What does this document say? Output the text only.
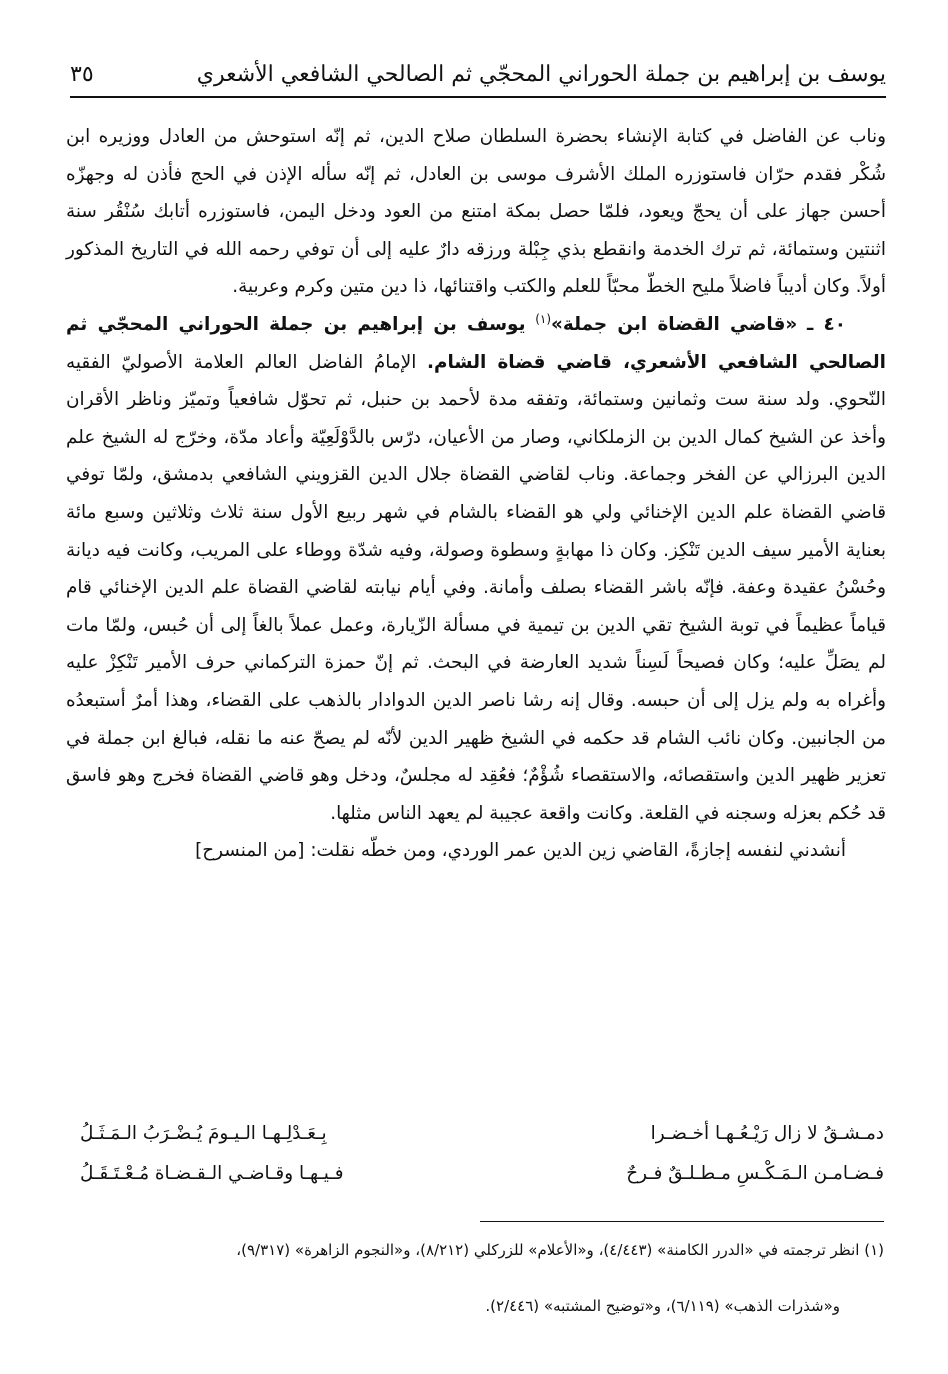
يوسف بن إبراهيم بن جملة الحوراني المحجّي ثم الصالحي الشافعي الأشعري
٣٥

وناب عن الفاضل في كتابة الإنشاء بحضرة السلطان صلاح الدين، ثم إنّه استوحش من العادل ووزيره ابن شُكْر فقدم حرّان فاستوزره الملك الأشرف موسى بن العادل، ثم إنّه سأله الإذن في الحج فأذن له وجهزّه أحسن جهاز على أن يحجّ ويعود، فلمّا حصل بمكة امتنع من العود ودخل اليمن، فاستوزره أتابك سُنْقُر سنة اثنتين وستمائة، ثم ترك الخدمة وانقطع بذي جِبْلة ورزقه دارٌ عليه إلى أن توفي رحمه الله في التاريخ المذكور أولاً. وكان أديباً فاضلاً مليح الخطّ محبّاً للعلم والكتب واقتنائها، ذا دين متين وكرم وعربية.

٤٠ ـ «قاضي القضاة ابن جملة»$^{(١)}$ يوسف بن إبراهيم بن جملة الحوراني المحجّي ثم الصالحي الشافعي الأشعري، قاضي قضاة الشام. الإمامُ الفاضل العالم العلامة الأصوليّ الفقيه النّحوي. ولد سنة ست وثمانين وستمائة، وتفقه مدة لأحمد بن حنبل، ثم تحوّل شافعياً وتميّز وناظر الأقران وأخذ عن الشيخ كمال الدين بن الزملكاني، وصار من الأعيان، درّس بالدَّوْلَعِيّة وأعاد مدّة، وخرّج له الشيخ علم الدين البرزالي عن الفخر وجماعة. وناب لقاضي القضاة جلال الدين القزويني الشافعي بدمشق، ولمّا توفي قاضي القضاة علم الدين الإخنائي ولي هو القضاء بالشام في شهر ربيع الأول سنة ثلاث وثلاثين وسبع مائة بعناية الأمير سيف الدين تَنْكِز. وكان ذا مهابةٍ وسطوة وصولة، وفيه شدّة ووطاء على المريب، وكانت فيه ديانة وحُسْنُ عقيدة وعفة. فإنّه باشر القضاء بصلف وأمانة. وفي أيام نيابته لقاضي القضاة علم الدين الإخنائي قام قياماً عظيماً في توبة الشيخ تقي الدين بن تيمية في مسألة الزّيارة، وعمل عملاً بالغاً إلى أن حُبس، ولمّا مات لم يصَلِّ عليه؛ وكان فصيحاً لَسِناً شديد العارضة في البحث. ثم إنّ حمزة التركماني حرف الأمير تَنْكِزْ عليه وأغراه به ولم يزل إلى أن حبسه. وقال إنه رشا ناصر الدين الدوادار بالذهب على القضاء، وهذا أمرٌ أستبعدُه من الجانبين. وكان نائب الشام قد حكمه في الشيخ ظهير الدين لأنّه لم يصحّ عنه ما نقله، فبالغ ابن جملة في تعزير ظهير الدين واستقصائه، والاستقصاء شُؤْمٌ؛ فعُقِد له مجلسٌ، ودخل وهو قاضي القضاة فخرج وهو فاسق قد حُكم بعزله وسجنه في القلعة. وكانت واقعة عجيبة لم يعهد الناس مثلها.

أنشدني لنفسه إجازةً، القاضي زين الدين عمر الوردي، ومن خطّه نقلت: [من المنسرح]

دمـشـقُ لا زال رَيْـعُـهـا أخـضـرا
بِـعَـدْلِـهـا الـيـومَ يُـضْـرَبُ الـمَـثَـلُ
فـضـامـن الـمَـكْـسِ مـطـلـقٌ فـرحٌ
فـيـهـا وقـاضـي الـقـضـاة مُـعْـتَـقَـلُ

(١) انظر ترجمته في «الدرر الكامنة» (٤/٤٤٣)، و«الأعلام» للزركلي (٨/٢١٢)، و«النجوم الزاهرة» (٩/٣١٧)،

و«شذرات الذهب» (٦/١١٩)، و«توضيح المشتبه» (٢/٤٤٦).
